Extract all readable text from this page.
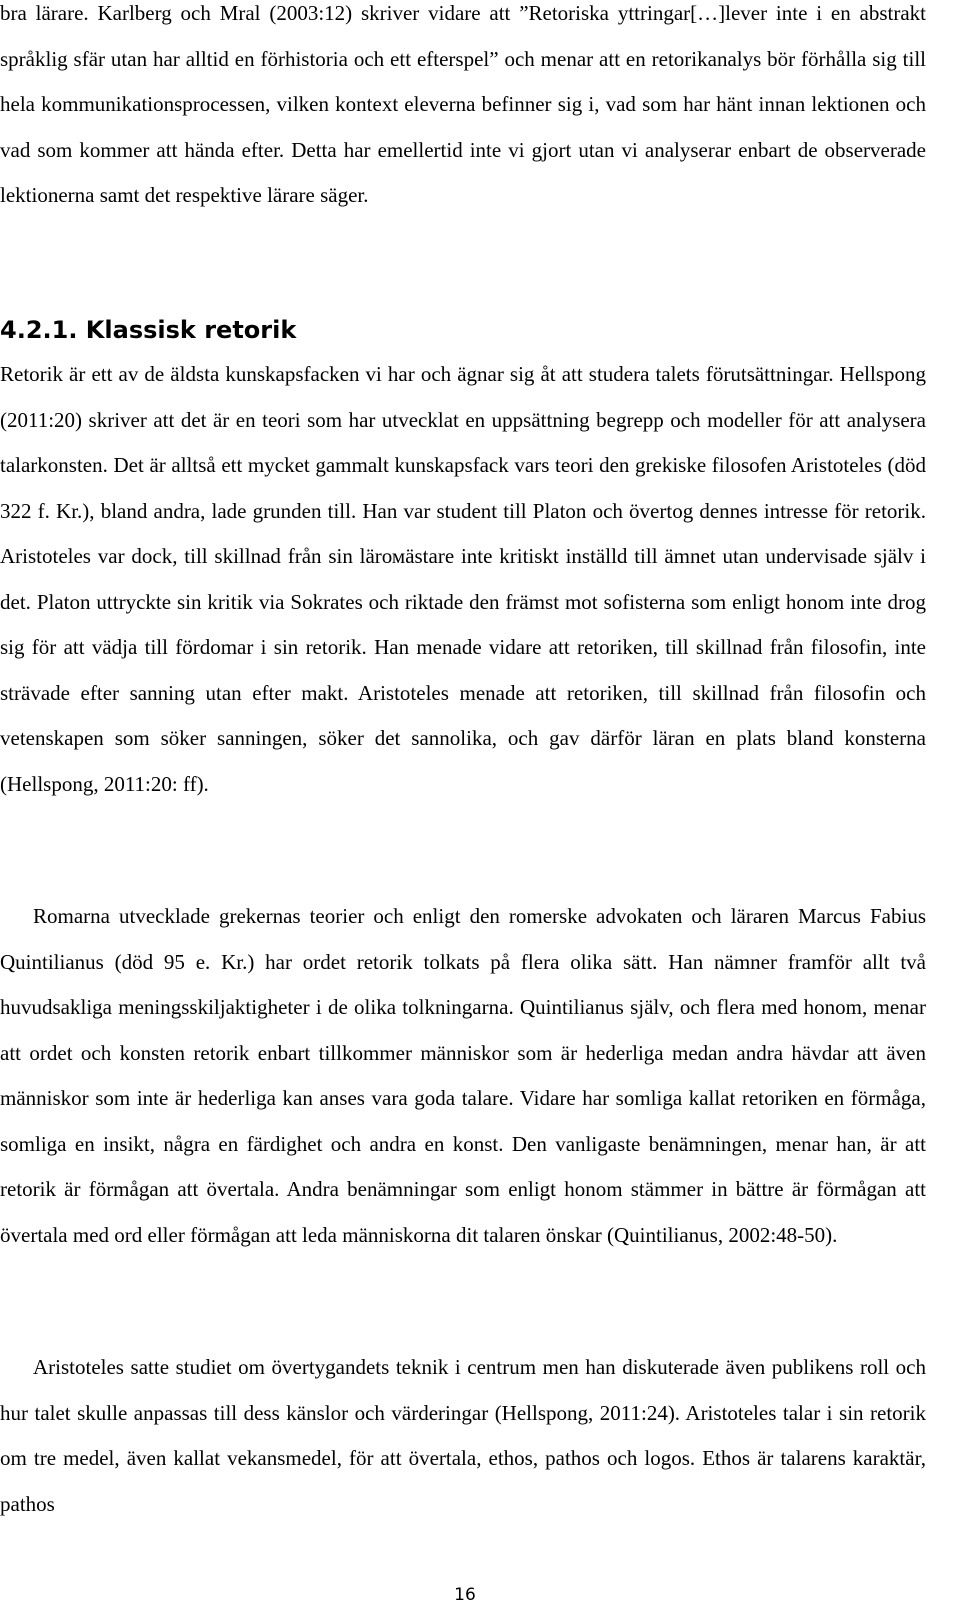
bra lärare. Karlberg och Mral (2003:12) skriver vidare att ”Retoriska yttringar[…]lever inte i en abstrakt språklig sfär utan har alltid en förhistoria och ett efterspel” och menar att en retorikanalys bör förhålla sig till hela kommunikationsprocessen, vilken kontext eleverna befinner sig i, vad som har hänt innan lektionen och vad som kommer att hända efter. Detta har emellertid inte vi gjort utan vi analyserar enbart de observerade lektionerna samt det respektive lärare säger.

4.2.1. Klassisk retorik

Retorik är ett av de äldsta kunskapsfacken vi har och ägnar sig åt att studera talets förutsättningar. Hellspong (2011:20) skriver att det är en teori som har utvecklat en uppsättning begrepp och modeller för att analysera talarkonsten. Det är alltså ett mycket gammalt kunskapsfack vars teori den grekiske filosofen Aristoteles (död 322 f. Kr.), bland andra, lade grunden till. Han var student till Platon och övertog dennes intresse för retorik. Aristoteles var dock, till skillnad från sin lärомästare inte kritiskt inställd till ämnet utan undervisade själv i det. Platon uttryckte sin kritik via Sokrates och riktade den främst mot sofisterna som enligt honom inte drog sig för att vädja till fördomar i sin retorik. Han menade vidare att retoriken, till skillnad från filosofin, inte strävade efter sanning utan efter makt. Aristoteles menade att retoriken, till skillnad från filosofin och vetenskapen som söker sanningen, söker det sannolika, och gav därför läran en plats bland konsterna (Hellspong, 2011:20: ff).

Romarna utvecklade grekernas teorier och enligt den romerske advokaten och läraren Marcus Fabius Quintilianus (död 95 e. Kr.) har ordet retorik tolkats på flera olika sätt. Han nämner framför allt två huvudsakliga meningsskiljaktigheter i de olika tolkningarna. Quintilianus själv, och flera med honom, menar att ordet och konsten retorik enbart tillkommer människor som är hederliga medan andra hävdar att även människor som inte är hederliga kan anses vara goda talare. Vidare har somliga kallat retoriken en förmåga, somliga en insikt, några en färdighet och andra en konst. Den vanligaste benämningen, menar han, är att retorik är förmågan att övertala. Andra benämningar som enligt honom stämmer in bättre är förmågan att övertala med ord eller förmågan att leda människorna dit talaren önskar (Quintilianus, 2002:48-50).

Aristoteles satte studiet om övertygandets teknik i centrum men han diskuterade även publikens roll och hur talet skulle anpassas till dess känslor och värderingar (Hellspong, 2011:24). Aristoteles talar i sin retorik om tre medel, även kallat vekansmedel, för att övertala, ethos, pathos och logos. Ethos är talarens karaktär, pathos

16
